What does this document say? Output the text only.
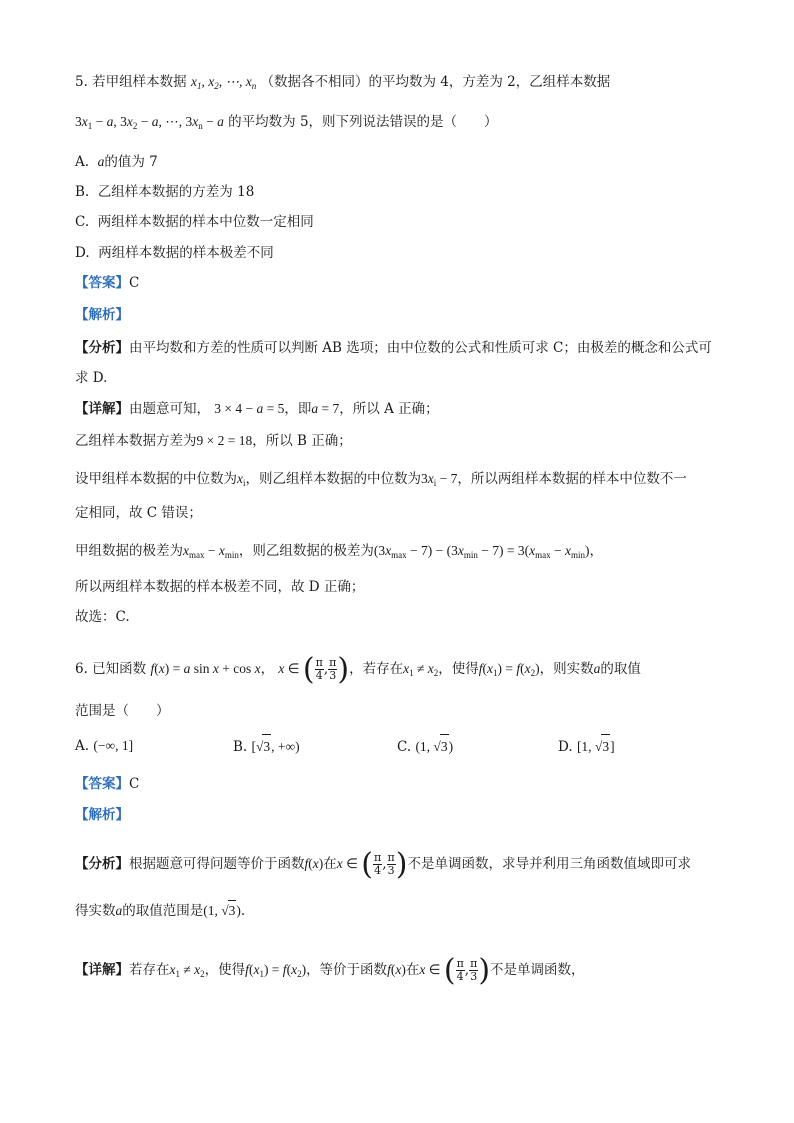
5. 若甲组样本数据 $x_1$, $x_2$, ⋯, $x_n$ （数据各不相同）的平均数为 4，方差为 2，乙组样本数据
$3x_1 - a$, $3x_2 - a$, ⋯, $3x_n - a$ 的平均数为 5，则下列说法错误的是（　　）
A. a的值为 7
B. 乙组样本数据的方差为 18
C. 两组样本数据的样本中位数一定相同
D. 两组样本数据的样本极差不同
【答案】C
【解析】
【分析】由平均数和方差的性质可以判断 AB 选项；由中位数的公式和性质可求 C；由极差的概念和公式可
求 D.
【详解】由题意可知， 3 × 4 − a = 5，即a = 7，所以 A 正确；
乙组样本数据方差为9 × 2 = 18，所以 B 正确；
设甲组样本数据的中位数为$x_i$，则乙组样本数据的中位数为$3x_i - 7$，所以两组样本数据的样本中位数不一
定相同，故 C 错误；
甲组数据的极差为$x_{max} - x_{min}$，则乙组数据的极差为$(3x_{max} - 7) - (3x_{min} - 7) = 3(x_{max} - x_{min})$，
所以两组样本数据的样本极差不同，故 D 正确；
故选：C.
6. 已知函数 f(x) = a sin x + cos x， x ∈ ( $\frac{\pi}{4}$ , $\frac{\pi}{3}$ )，若存在$x_1 \ne x_2$，使得$f(x_1) = f(x_2)$，则实数a的取值
范围是（　　）
A. (−∞, 1]	B. [√3, +∞)	C. (1, √3)	D. [1, √3]
【答案】C
【解析】
【分析】根据题意可得问题等价于函数f(x)在x ∈ ( $\frac{\pi}{4}$ , $\frac{\pi}{3}$ )不是单调函数，求导并利用三角函数值域即可求
得实数a的取值范围是(1, √3).
【详解】若存在$x_1 \ne x_2$，使得$f(x_1) = f(x_2)$，等价于函数f(x)在x ∈ ( $\frac{\pi}{4}$ , $\frac{\pi}{3}$ )不是单调函数，
